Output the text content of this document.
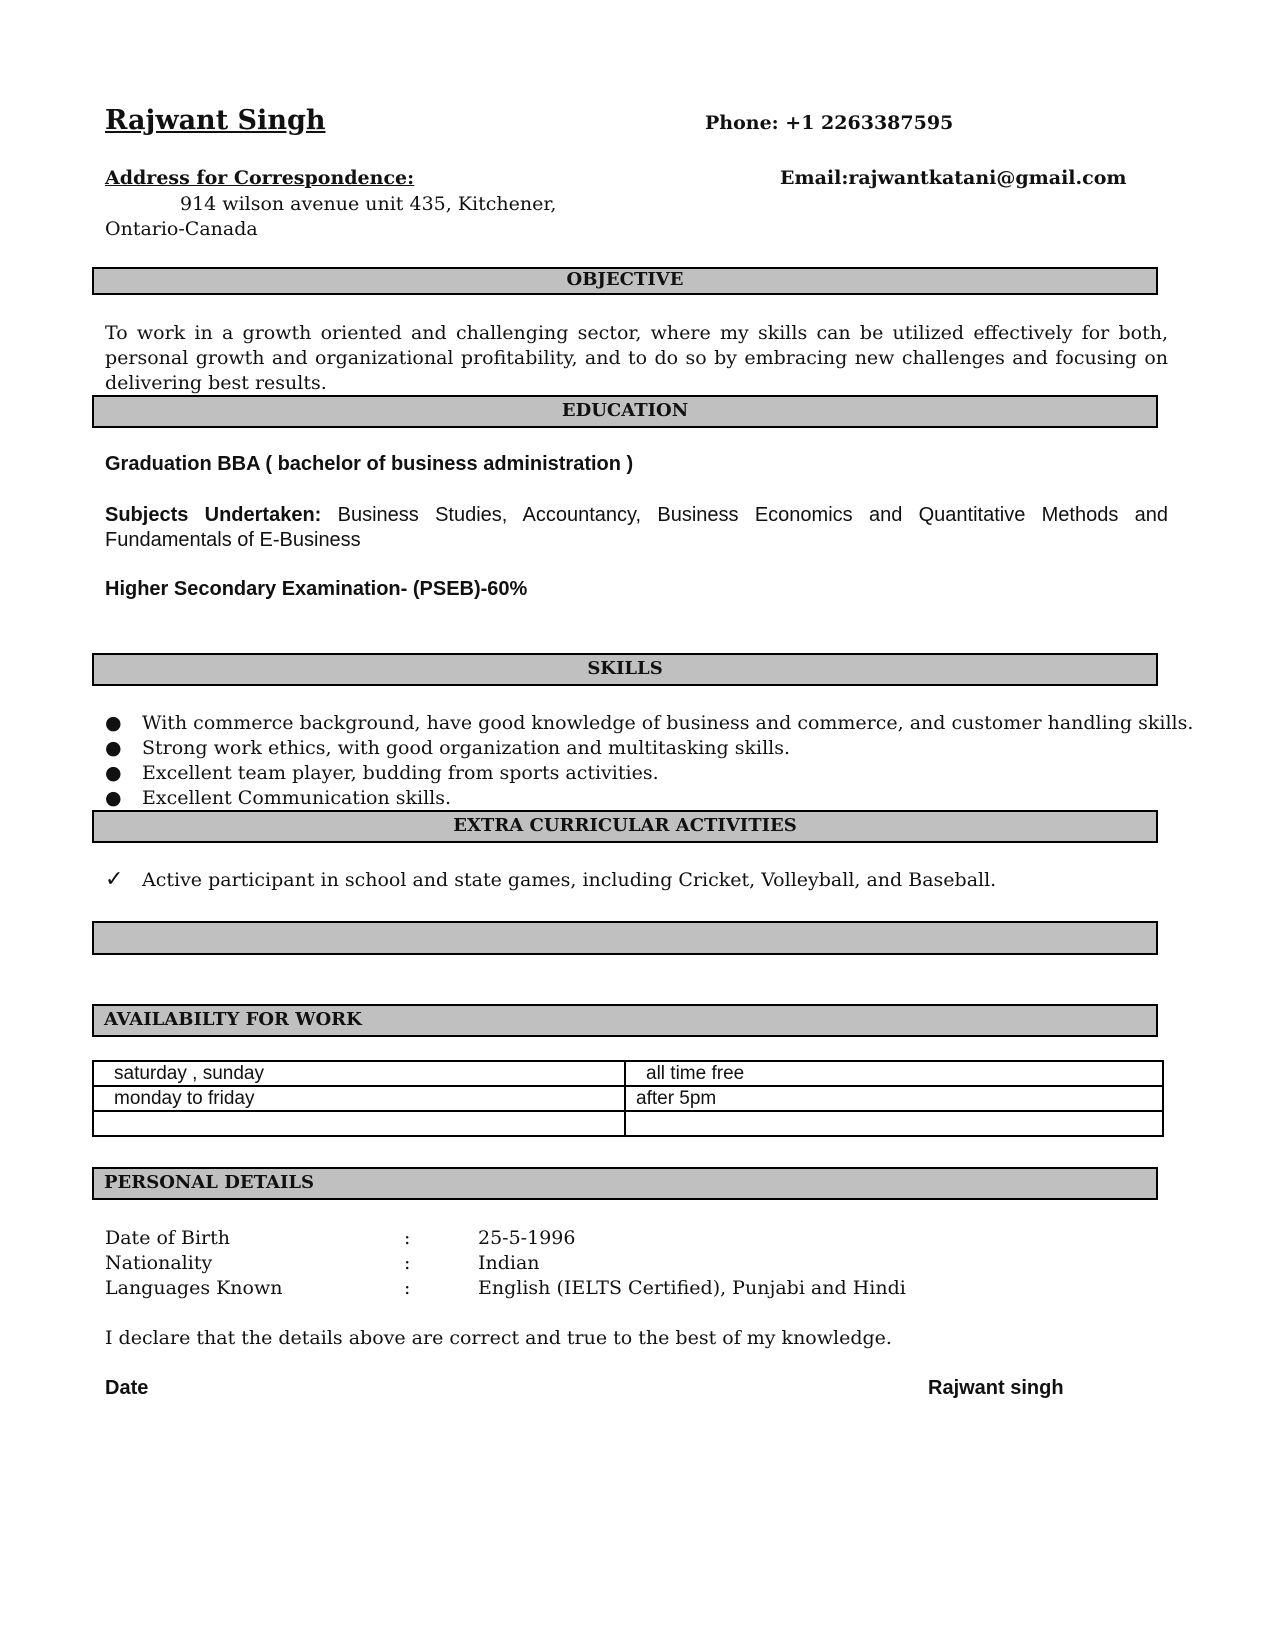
Rajwant Singh	Phone: +1 2263387595
Address for Correspondence:	Email:rajwantkatani@gmail.com
914 wilson avenue unit 435, Kitchener,
Ontario-Canada
OBJECTIVE
To work in a growth oriented and challenging sector, where my skills can be utilized effectively for both, personal growth and organizational profitability, and to do so by embracing new challenges and focusing on delivering best results.
EDUCATION
Graduation BBA ( bachelor of business administration )
Subjects Undertaken: Business Studies, Accountancy, Business Economics and Quantitative Methods and Fundamentals of E-Business
Higher Secondary Examination- (PSEB)-60%
SKILLS
●	With commerce background, have good knowledge of business and commerce, and customer handling skills.
●	Strong work ethics, with good organization and multitasking skills.
●	Excellent team player, budding from sports activities.
●	Excellent Communication skills.
EXTRA CURRICULAR ACTIVITIES
✓ Active participant in school and state games, including Cricket, Volleyball, and Baseball.
AVAILABILTY FOR WORK
saturday , sunday	all time free
monday to friday	after 5pm

PERSONAL DETAILS
Date of Birth	:	25-5-1996
Nationality	:	Indian
Languages Known	:	English (IELTS Certified), Punjabi and Hindi
I declare that the details above are correct and true to the best of my knowledge.
Date	Rajwant singh
